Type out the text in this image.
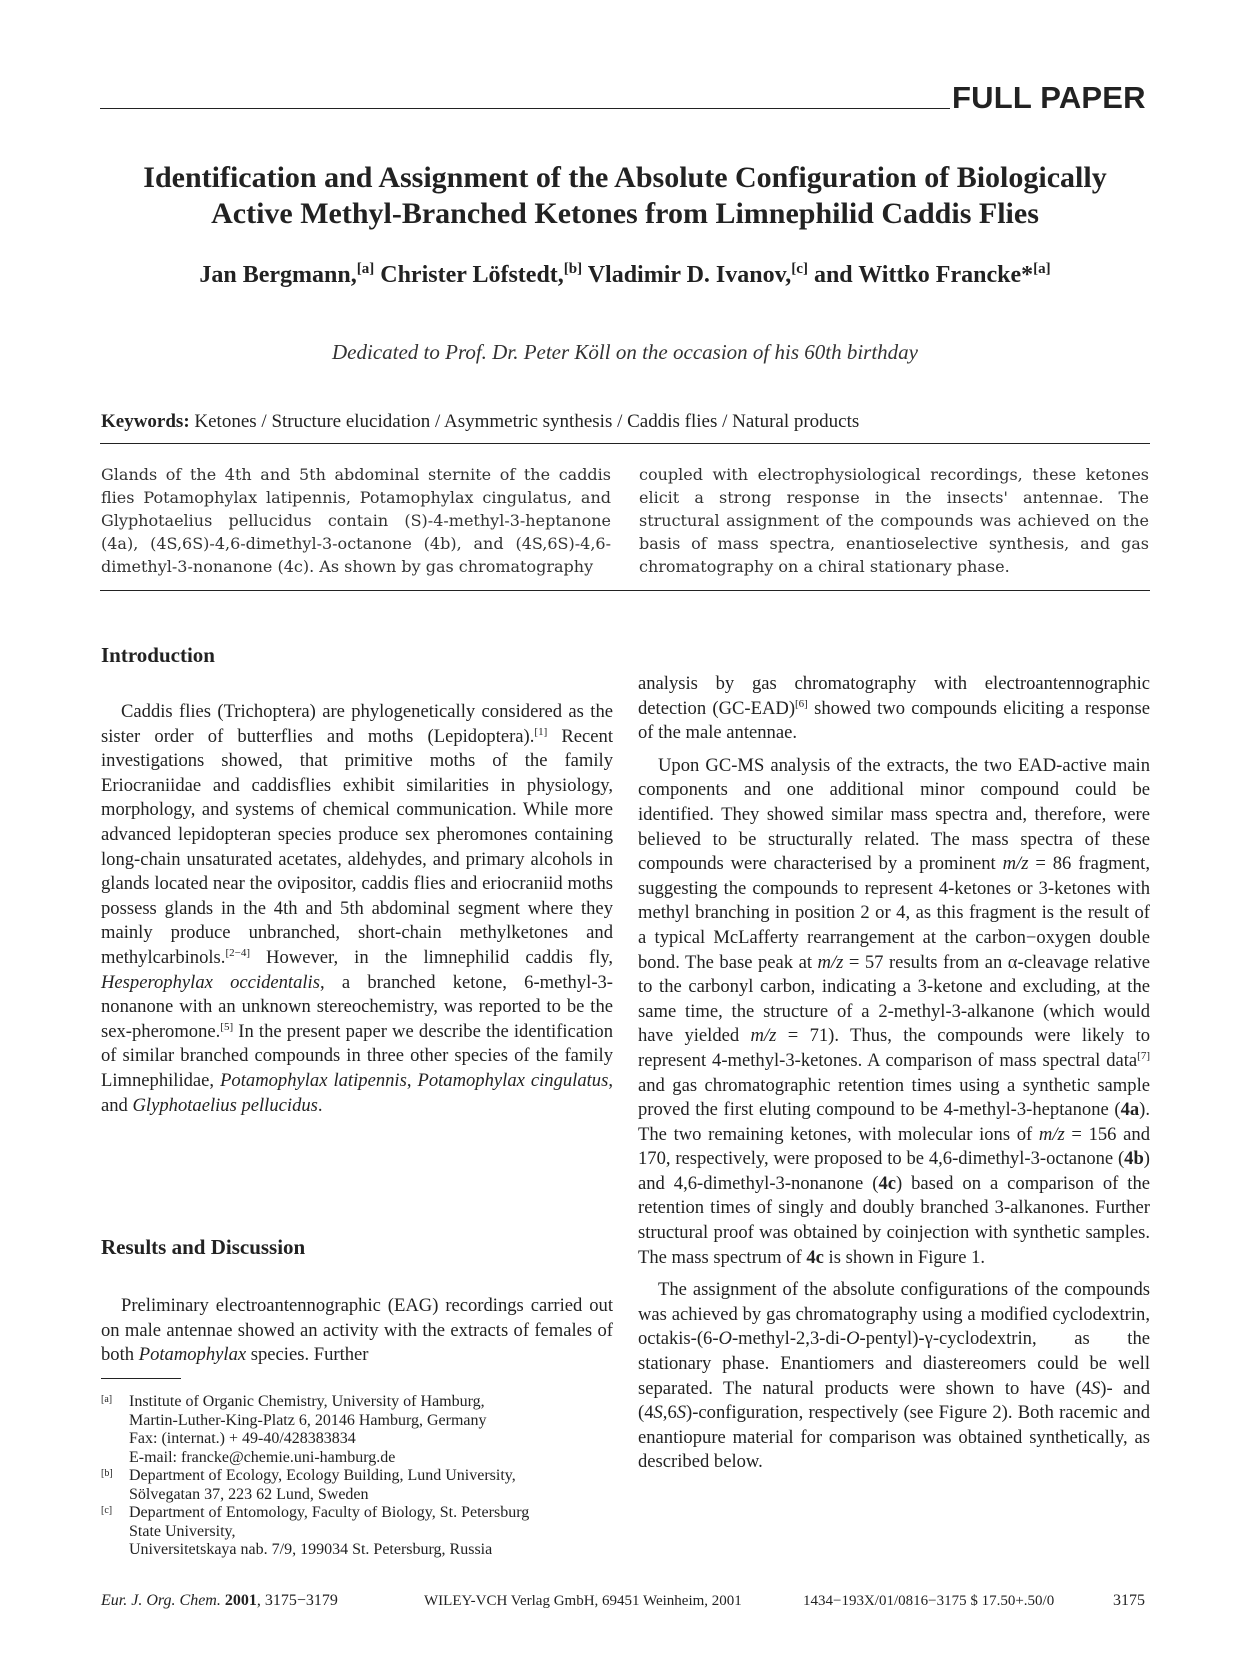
FULL PAPER
Identification and Assignment of the Absolute Configuration of Biologically
Active Methyl-Branched Ketones from Limnephilid Caddis Flies
Jan Bergmann,[a] Christer Löfstedt,[b] Vladimir D. Ivanov,[c] and Wittko Francke*[a]
Dedicated to Prof. Dr. Peter Köll on the occasion of his 60th birthday
Keywords: Ketones / Structure elucidation / Asymmetric synthesis / Caddis flies / Natural products
Glands of the 4th and 5th abdominal sternite of the caddis flies Potamophylax latipennis, Potamophylax cingulatus, and Glyphotaelius pellucidus contain (S)-4-methyl-3-heptanone (4a), (4S,6S)-4,6-dimethyl-3-octanone (4b), and (4S,6S)-4,6-dimethyl-3-nonanone (4c). As shown by gas chromatography
coupled with electrophysiological recordings, these ketones elicit a strong response in the insects' antennae. The structural assignment of the compounds was achieved on the basis of mass spectra, enantioselective synthesis, and gas chromatography on a chiral stationary phase.
Introduction

Caddis flies (Trichoptera) are phylogenetically considered as the sister order of butterflies and moths (Lepidoptera).[1] Recent investigations showed, that primitive moths of the family Eriocraniidae and caddisflies exhibit similarities in physiology, morphology, and systems of chemical communication. While more advanced lepidopteran species produce sex pheromones containing long-chain unsaturated acetates, aldehydes, and primary alcohols in glands located near the ovipositor, caddis flies and eriocraniid moths possess glands in the 4th and 5th abdominal segment where they mainly produce unbranched, short-chain methylketones and methylcarbinols.[2−4] However, in the limnephilid caddis fly, Hesperophylax occidentalis, a branched ketone, 6-methyl-3-nonanone with an unknown stereochemistry, was reported to be the sex-pheromone.[5] In the present paper we describe the identification of similar branched compounds in three other species of the family Limnephilidae, Potamophylax latipennis, Potamophylax cingulatus, and Glyphotaelius pellucidus.

Results and Discussion

Preliminary electroantennographic (EAG) recordings carried out on male antennae showed an activity with the extracts of females of both Potamophylax species. Further

analysis by gas chromatography with electroantennographic detection (GC-EAD)[6] showed two compounds eliciting a response of the male antennae.

Upon GC-MS analysis of the extracts, the two EAD-active main components and one additional minor compound could be identified. They showed similar mass spectra and, therefore, were believed to be structurally related. The mass spectra of these compounds were characterised by a prominent m/z = 86 fragment, suggesting the compounds to represent 4-ketones or 3-ketones with methyl branching in position 2 or 4, as this fragment is the result of a typical McLafferty rearrangement at the carbon−oxygen double bond. The base peak at m/z = 57 results from an α-cleavage relative to the carbonyl carbon, indicating a 3-ketone and excluding, at the same time, the structure of a 2-methyl-3-alkanone (which would have yielded m/z = 71). Thus, the compounds were likely to represent 4-methyl-3-ketones. A comparison of mass spectral data[7] and gas chromatographic retention times using a synthetic sample proved the first eluting compound to be 4-methyl-3-heptanone (4a). The two remaining ketones, with molecular ions of m/z = 156 and 170, respectively, were proposed to be 4,6-dimethyl-3-octanone (4b) and 4,6-dimethyl-3-nonanone (4c) based on a comparison of the retention times of singly and doubly branched 3-alkanones. Further structural proof was obtained by coinjection with synthetic samples. The mass spectrum of 4c is shown in Figure 1.

The assignment of the absolute configurations of the compounds was achieved by gas chromatography using a modified cyclodextrin, octakis-(6-O-methyl-2,3-di-O-pentyl)-γ-cyclodextrin, as the stationary phase. Enantiomers and diastereomers could be well separated. The natural products were shown to have (4S)- and (4S,6S)-configuration, respectively (see Figure 2). Both racemic and enantiopure material for comparison was obtained synthetically, as described below.

[a] Institute of Organic Chemistry, University of Hamburg,
Martin-Luther-King-Platz 6, 20146 Hamburg, Germany
Fax: (internat.) + 49-40/428383834
E-mail: francke@chemie.uni-hamburg.de
[b] Department of Ecology, Ecology Building, Lund University,
Sölvegatan 37, 223 62 Lund, Sweden
[c] Department of Entomology, Faculty of Biology, St. Petersburg
State University,
Universitetskaya nab. 7/9, 199034 St. Petersburg, Russia
Eur. J. Org. Chem. 2001, 3175−3179	WILEY-VCH Verlag GmbH, 69451 Weinheim, 2001	1434−193X/01/0816−3175 $ 17.50+.50/0	3175
